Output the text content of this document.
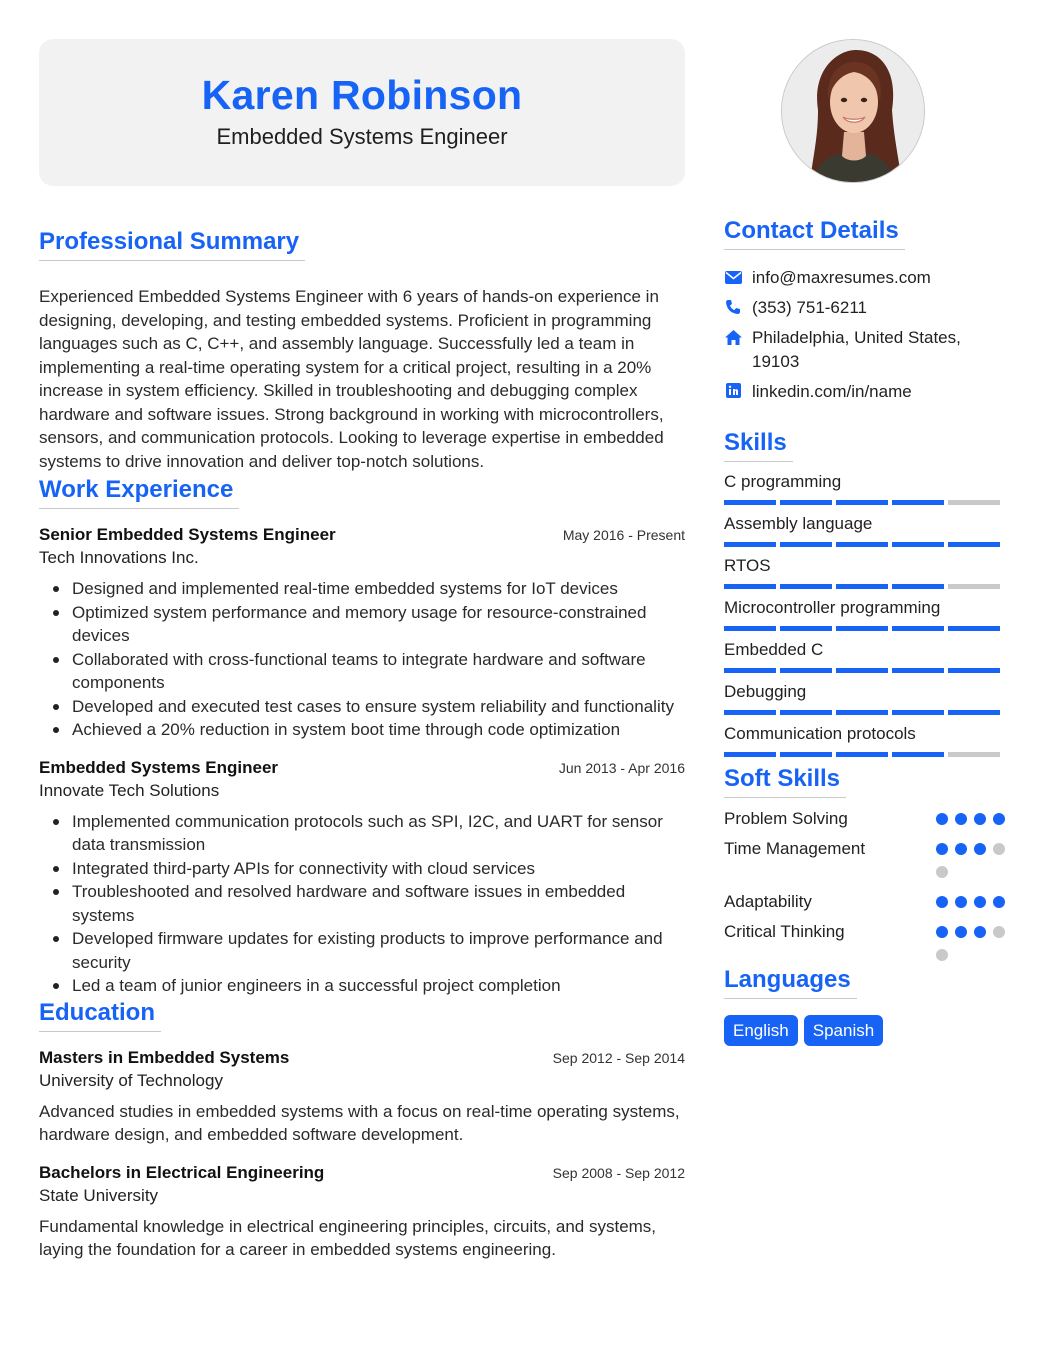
Karen Robinson
Embedded Systems Engineer
Professional Summary
Experienced Embedded Systems Engineer with 6 years of hands-on experience in designing, developing, and testing embedded systems. Proficient in programming languages such as C, C++, and assembly language. Successfully led a team in implementing a real-time operating system for a critical project, resulting in a 20% increase in system efficiency. Skilled in troubleshooting and debugging complex hardware and software issues. Strong background in working with microcontrollers, sensors, and communication protocols. Looking to leverage expertise in embedded systems to drive innovation and deliver top-notch solutions.
Work Experience
Senior Embedded Systems Engineer	May 2016 - Present
Tech Innovations Inc.
Designed and implemented real-time embedded systems for IoT devices
Optimized system performance and memory usage for resource-constrained devices
Collaborated with cross-functional teams to integrate hardware and software components
Developed and executed test cases to ensure system reliability and functionality
Achieved a 20% reduction in system boot time through code optimization
Embedded Systems Engineer	Jun 2013 - Apr 2016
Innovate Tech Solutions
Implemented communication protocols such as SPI, I2C, and UART for sensor data transmission
Integrated third-party APIs for connectivity with cloud services
Troubleshooted and resolved hardware and software issues in embedded systems
Developed firmware updates for existing products to improve performance and security
Led a team of junior engineers in a successful project completion
Education
Masters in Embedded Systems	Sep 2012 - Sep 2014
University of Technology
Advanced studies in embedded systems with a focus on real-time operating systems, hardware design, and embedded software development.
Bachelors in Electrical Engineering	Sep 2008 - Sep 2012
State University
Fundamental knowledge in electrical engineering principles, circuits, and systems, laying the foundation for a career in embedded systems engineering.
Contact Details
info@maxresumes.com
(353) 751-6211
Philadelphia, United States, 19103
linkedin.com/in/name
Skills
C programming
Assembly language
RTOS
Microcontroller programming
Embedded C
Debugging
Communication protocols
Soft Skills
Problem Solving
Time Management
Adaptability
Critical Thinking
Languages
English	Spanish
